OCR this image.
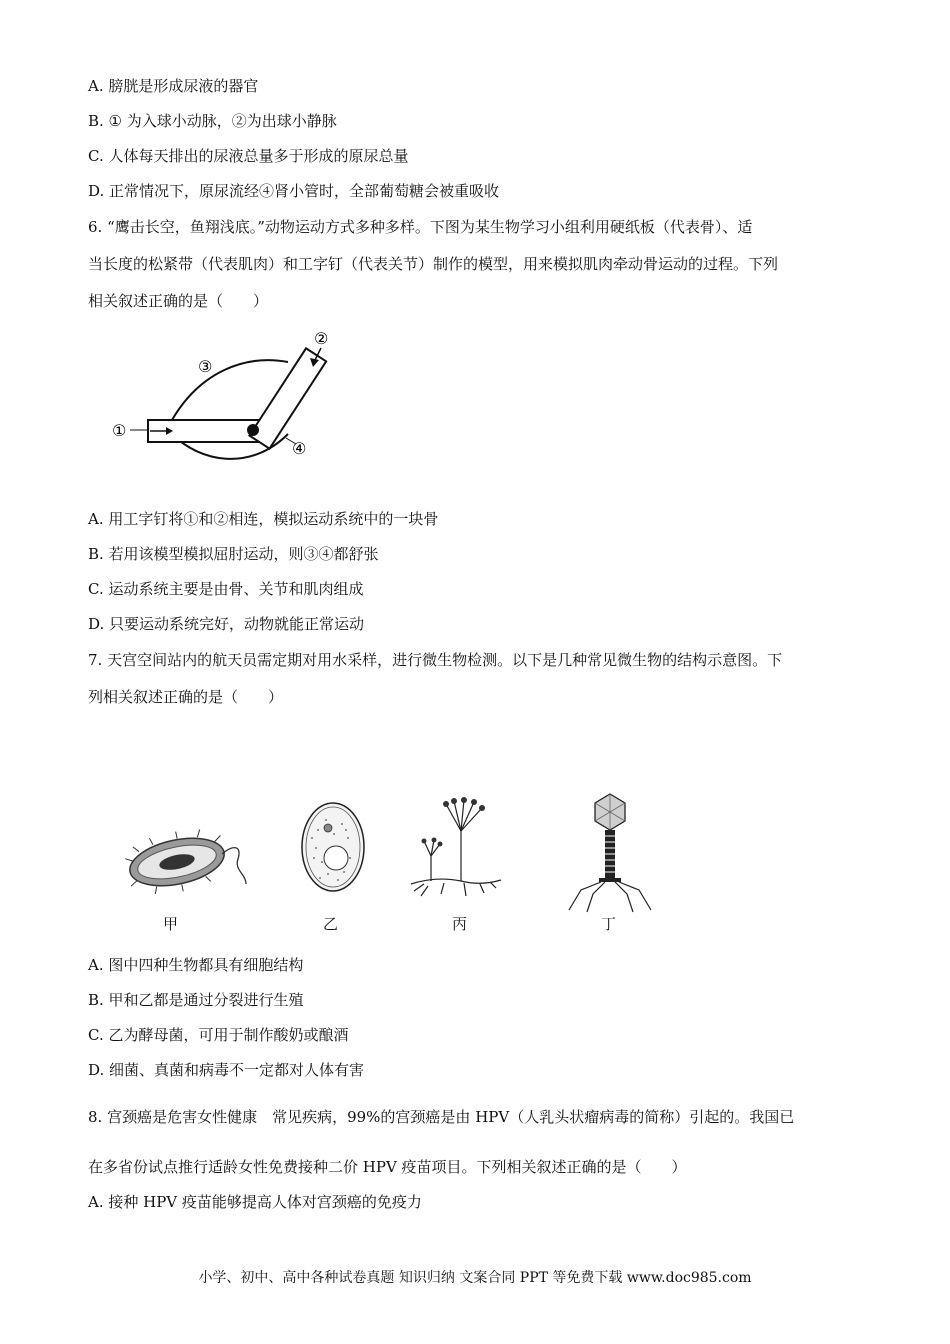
A. 膀胱是形成尿液的器官
B. ① 为入球小动脉，②为出球小静脉
C. 人体每天排出的尿液总量多于形成的原尿总量
D. 正常情况下，原尿流经④肾小管时，全部葡萄糖会被重吸收
6. “鹰击长空，鱼翔浅底。”动物运动方式多种多样。下图为某生物学习小组利用硬纸板（代表骨）、适
当长度的松紧带（代表肌肉）和工字钉（代表关节）制作的模型，用来模拟肌肉牵动骨运动的过程。下列
相关叙述正确的是（　　）
①
②
③
④
A. 用工字钉将①和②相连，模拟运动系统中的一块骨
B. 若用该模型模拟屈肘运动，则③④都舒张
C. 运动系统主要是由骨、关节和肌肉组成
D. 只要运动系统完好，动物就能正常运动
7. 天宫空间站内的航天员需定期对用水采样，进行微生物检测。以下是几种常见微生物的结构示意图。下
列相关叙述正确的是（　　）
甲	乙	丙	丁
A. 图中四种生物都具有细胞结构
B. 甲和乙都是通过分裂进行生殖
C. 乙为酵母菌，可用于制作酸奶或酿酒
D. 细菌、真菌和病毒不一定都对人体有害
8. 宫颈癌是危害女性健康　常见疾病，99%的宫颈癌是由 HPV（人乳头状瘤病毒的简称）引起的。我国已
在多省份试点推行适龄女性免费接种二价 HPV 疫苗项目。下列相关叙述正确的是（　　）
A. 接种 HPV 疫苗能够提高人体对宫颈癌的免疫力
小学、初中、高中各种试卷真题 知识归纳 文案合同 PPT 等免费下载 www.doc985.com
